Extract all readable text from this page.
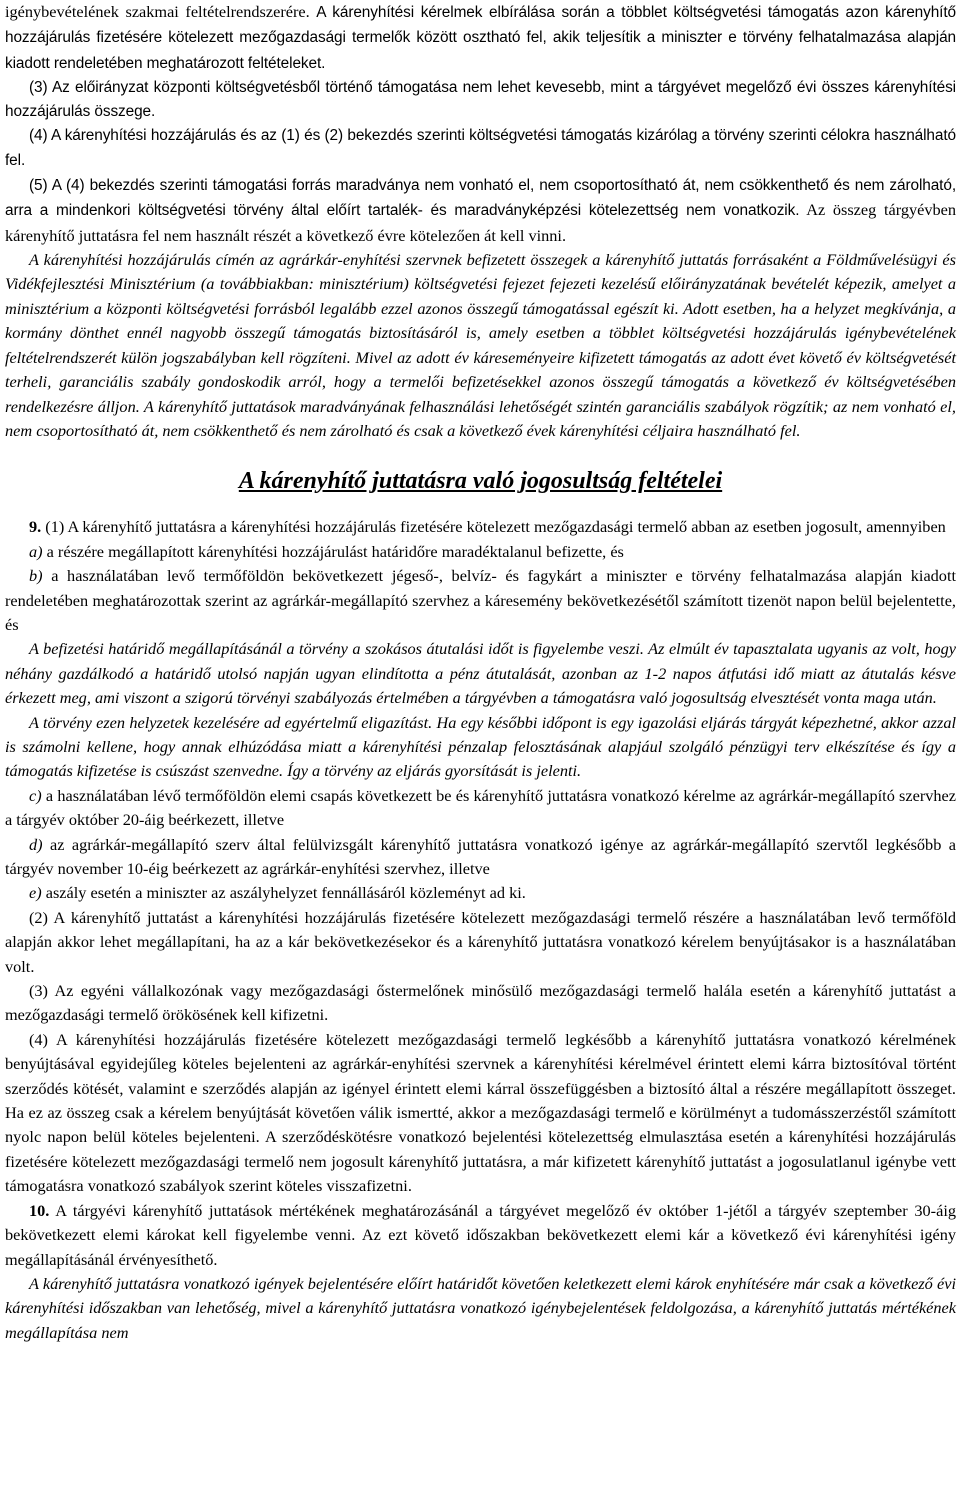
igénybevételének szakmai feltételrendszerére. A kárenyhítési kérelmek elbírálása során a többlet költségvetési támogatás azon kárenyhítő hozzájárulás fizetésére kötelezett mezőgazdasági termelők között osztható fel, akik teljesítik a miniszter e törvény felhatalmazása alapján kiadott rendeletében meghatározott feltételeket.

(3) Az előirányzat központi költségvetésből történő támogatása nem lehet kevesebb, mint a tárgyévet megelőző évi összes kárenyhítési hozzájárulás összege.

(4) A kárenyhítési hozzájárulás és az (1) és (2) bekezdés szerinti költségvetési támogatás kizárólag a törvény szerinti célokra használható fel.

(5) A (4) bekezdés szerinti támogatási forrás maradványa nem vonható el, nem csoportosítható át, nem csökkenthető és nem zárolható, arra a mindenkori költségvetési törvény által előírt tartalék- és maradványképzési kötelezettség nem vonatkozik. Az összeg tárgyévben kárenyhítő juttatásra fel nem használt részét a következő évre kötelezően át kell vinni.

A kárenyhítési hozzájárulás címén az agrárkár-enyhítési szervnek befizetett összegek a kárenyhítő juttatás forrásaként a Földművelésügyi és Vidékfejlesztési Minisztérium (a továbbiakban: minisztérium) költségvetési fejezet fejezeti kezelésű előirányzatának bevételét képezik, amelyet a minisztérium a központi költségvetési forrásból legalább ezzel azonos összegű támogatással egészít ki. Adott esetben, ha a helyzet megkívánja, a kormány dönthet ennél nagyobb összegű támogatás biztosításáról is, amely esetben a többlet költségvetési hozzájárulás igénybevételének feltételrendszerét külön jogszabályban kell rögzíteni. Mivel az adott év káreseményeire kifizetett támogatás az adott évet követő év költségvetését terheli, garanciális szabály gondoskodik arról, hogy a termelői befizetésekkel azonos összegű támogatás a következő év költségvetésében rendelkezésre álljon. A kárenyhítő juttatások maradványának felhasználási lehetőségét szintén garanciális szabályok rögzítik; az nem vonható el, nem csoportosítható át, nem csökkenthető és nem zárolható és csak a következő évek kárenyhítési céljaira használható fel.

A kárenyhítő juttatásra való jogosultság feltételei

9. (1) A kárenyhítő juttatásra a kárenyhítési hozzájárulás fizetésére kötelezett mezőgazdasági termelő abban az esetben jogosult, amennyiben

a) a részére megállapított kárenyhítési hozzájárulást határidőre maradéktalanul befizette, és

b) a használatában levő termőföldön bekövetkezett jégeső-, belvíz- és fagykárt a miniszter e törvény felhatalmazása alapján kiadott rendeletében meghatározottak szerint az agrárkár-megállapító szervhez a káresemény bekövetkezésétől számított tizenöt napon belül bejelentette, és

A befizetési határidő megállapításánál a törvény a szokásos átutalási időt is figyelembe veszi. Az elmúlt év tapasztalata ugyanis az volt, hogy néhány gazdálkodó a határidő utolsó napján ugyan elindította a pénz átutalását, azonban az 1-2 napos átfutási idő miatt az átutalás késve érkezett meg, ami viszont a szigorú törvényi szabályozás értelmében a tárgyévben a támogatásra való jogosultság elvesztését vonta maga után.

A törvény ezen helyzetek kezelésére ad egyértelmű eligazítást. Ha egy későbbi időpont is egy igazolási eljárás tárgyát képezhetné, akkor azzal is számolni kellene, hogy annak elhúzódása miatt a kárenyhítési pénzalap felosztásának alapjául szolgáló pénzügyi terv elkészítése és így a támogatás kifizetése is csúszást szenvedne. Így a törvény az eljárás gyorsítását is jelenti.

c) a használatában lévő termőföldön elemi csapás következett be és kárenyhítő juttatásra vonatkozó kérelme az agrárkár-megállapító szervhez a tárgyév október 20-áig beérkezett, illetve

d) az agrárkár-megállapító szerv által felülvizsgált kárenyhítő juttatásra vonatkozó igénye az agrárkár-megállapító szervtől legkésőbb a tárgyév november 10-éig beérkezett az agrárkár-enyhítési szervhez, illetve

e) aszály esetén a miniszter az aszályhelyzet fennállásáról közleményt ad ki.

(2) A kárenyhítő juttatást a kárenyhítési hozzájárulás fizetésére kötelezett mezőgazdasági termelő részére a használatában levő termőföld alapján akkor lehet megállapítani, ha az a kár bekövetkezésekor és a kárenyhítő juttatásra vonatkozó kérelem benyújtásakor is a használatában volt.

(3) Az egyéni vállalkozónak vagy mezőgazdasági őstermelőnek minősülő mezőgazdasági termelő halála esetén a kárenyhítő juttatást a mezőgazdasági termelő örökösének kell kifizetni.

(4) A kárenyhítési hozzájárulás fizetésére kötelezett mezőgazdasági termelő legkésőbb a kárenyhítő juttatásra vonatkozó kérelmének benyújtásával egyidejűleg köteles bejelenteni az agrárkár-enyhítési szervnek a kárenyhítési kérelmével érintett elemi kárra biztosítóval történt szerződés kötését, valamint e szerződés alapján az igényel érintett elemi kárral összefüggésben a biztosító által a részére megállapított összeget. Ha ez az összeg csak a kérelem benyújtását követően válik ismertté, akkor a mezőgazdasági termelő e körülményt a tudomásszerzéstől számított nyolc napon belül köteles bejelenteni. A szerződéskötésre vonatkozó bejelentési kötelezettség elmulasztása esetén a kárenyhítési hozzájárulás fizetésére kötelezett mezőgazdasági termelő nem jogosult kárenyhítő juttatásra, a már kifizetett kárenyhítő juttatást a jogosulatlanul igénybe vett támogatásra vonatkozó szabályok szerint köteles visszafizetni.

10. A tárgyévi kárenyhítő juttatások mértékének meghatározásánál a tárgyévet megelőző év október 1-jétől a tárgyév szeptember 30-áig bekövetkezett elemi károkat kell figyelembe venni. Az ezt követő időszakban bekövetkezett elemi kár a következő évi kárenyhítési igény megállapításánál érvényesíthető.

A kárenyhítő juttatásra vonatkozó igények bejelentésére előírt határidőt követően keletkezett elemi károk enyhítésére már csak a következő évi kárenyhítési időszakban van lehetőség, mivel a kárenyhítő juttatásra vonatkozó igénybejelentések feldolgozása, a kárenyhítő juttatás mértékének megállapítása nem
